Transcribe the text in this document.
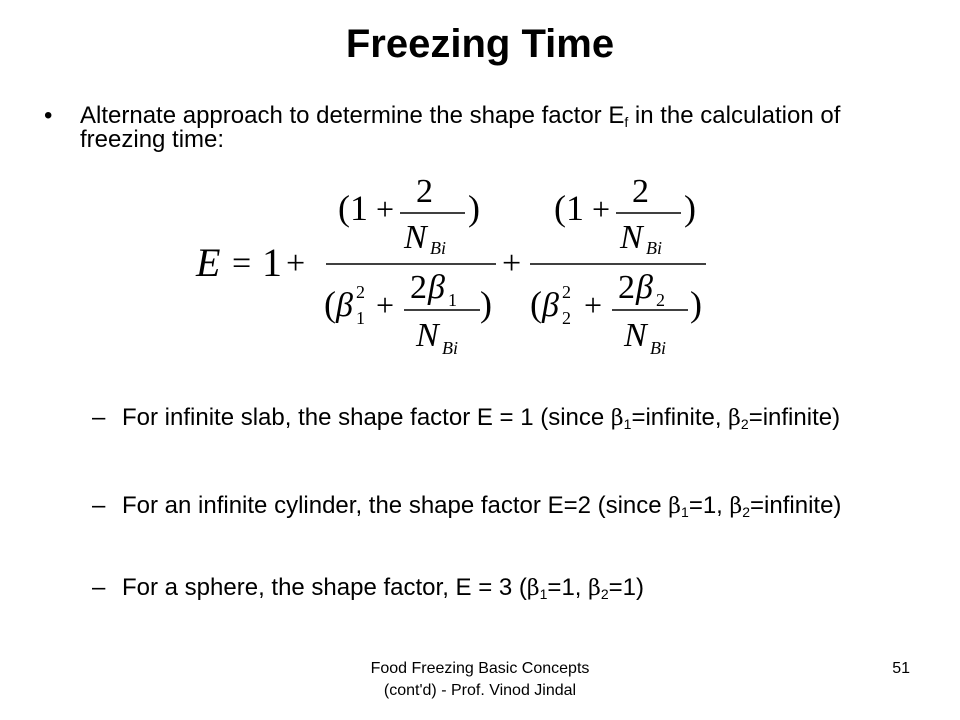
Freezing Time
• Alternate approach to determine the shape factor $E_f$ in the calculation of freezing time:
E = 1 +
(1 + 2
N Bi
)
( β 2
1 + 2 β 1
N Bi
)
+
(1 + 2
N Bi
)
( β 2
2 + 2 β 2
N Bi
)
– For infinite slab, the shape factor E = 1 (since $\beta_1=infinite$, $\beta_2=infinite$)
– For an infinite cylinder, the shape factor E=2 (since $\beta_1=1$, $\beta_2=infinite$)
– For a sphere, the shape factor, E = 3 ($\beta_1=1$, $\beta_2=1$)
Food Freezing Basic Concepts
(cont'd) - Prof. Vinod Jindal
51
